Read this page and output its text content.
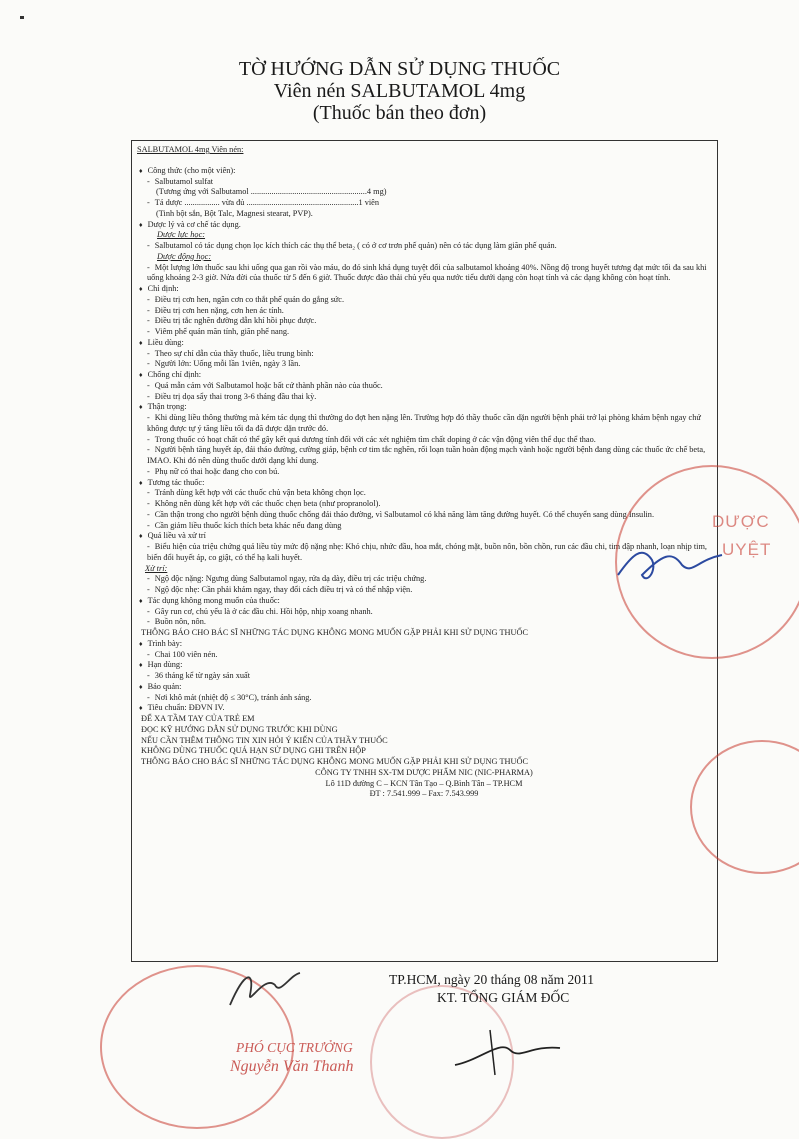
TỜ HƯỚNG DẪN SỬ DỤNG THUỐC
Viên nén SALBUTAMOL 4mg
(Thuốc bán theo đơn)
SALBUTAMOL 4mg Viên nén:
♦ Công thức (cho một viên):
- Salbutamol sulfat
(Tương ứng với Salbutamol ........................................................4 mg)
- Tá dược ................. vừa đủ ......................................................1 viên
(Tinh bột sắn, Bột Talc, Magnesi stearat, PVP).
♦ Dược lý và cơ chế tác dụng.
Dược lực học:
- Salbutamol có tác dụng chọn lọc kích thích các thụ thể beta₂ ( có ở cơ trơn phế quản) nên có tác dụng làm giãn phế quản.
Dược động học:
- Một lượng lớn thuốc sau khi uống qua gan rồi vào máu, do đó sinh khả dụng tuyệt đối của salbutamol khoảng 40%. Nồng độ trong huyết tương đạt mức tối đa sau khi uống khoảng 2-3 giờ. Nửa đời của thuốc từ 5 đến 6 giờ. Thuốc được đào thải chủ yếu qua nước tiểu dưới dạng còn hoạt tính và các dạng không còn hoạt tính.
♦ Chỉ định:
- Điều trị cơn hen, ngăn cơn co thắt phế quản do gắng sức.
- Điều trị cơn hen nặng, cơn hen ác tính.
- Điều trị tắc nghẽn đường dẫn khí hồi phục được.
- Viêm phế quản mãn tính, giãn phế nang.
♦ Liều dùng:
- Theo sự chỉ dẫn của thầy thuốc, liều trung bình:
- Người lớn: Uống mỗi lần 1viên, ngày 3 lần.
♦ Chống chỉ định:
- Quá mẫn cảm với Salbutamol hoặc bất cứ thành phần nào của thuốc.
- Điều trị dọa sẩy thai trong 3-6 tháng đầu thai kỳ.
♦ Thận trọng:
- Khi dùng liều thông thường mà kém tác dụng thì thường do đợt hen nặng lên. Trường hợp đó thầy thuốc cần dặn người bệnh phải trở lại phòng khám bệnh ngay chứ không được tự ý tăng liều tối đa đã được dặn trước đó.
- Trong thuốc có hoạt chất có thể gây kết quả dương tính đối với các xét nghiệm tìm chất doping ở các vận động viên thể dục thể thao.
- Người bệnh tăng huyết áp, đái tháo đường, cường giáp, bệnh cơ tim tắc nghẽn, rối loạn tuần hoàn động mạch vành hoặc người bệnh đang dùng các thuốc ức chế beta, IMAO. Khi đó nên dùng thuốc dưới dạng khí dung.
- Phụ nữ có thai hoặc đang cho con bú.
♦ Tương tác thuốc:
- Tránh dùng kết hợp với các thuốc chủ vận beta không chọn lọc.
- Không nên dùng kết hợp với các thuốc chẹn beta (như propranolol).
- Cần thận trong cho người bệnh dùng thuốc chống đái tháo đường, vì Salbutamol có khả năng làm tăng đường huyết. Có thể chuyển sang dùng Insulin.
- Cần giảm liều thuốc kích thích beta khác nếu đang dùng
♦ Quá liều và xử trí
- Biểu hiện của triệu chứng quá liều tùy mức độ nặng nhẹ: Khó chịu, nhức đầu, hoa mắt, chóng mặt, buồn nôn, bồn chồn, run các đầu chi, tim đập nhanh, loạn nhịp tim, biến đổi huyết áp, co giật, có thể hạ kali huyết.
Xử trí:
- Ngộ độc nặng: Ngưng dùng Salbutamol ngay, rửa dạ dày, điều trị các triệu chứng.
- Ngộ độc nhẹ: Cần phải khám ngay, thay đổi cách điều trị và có thể nhập viện.
♦ Tác dụng không mong muốn của thuốc:
- Gây run cơ, chủ yếu là ở các đầu chi. Hồi hộp, nhịp xoang nhanh.
- Buồn nôn, nôn.
THÔNG BÁO CHO BÁC SĨ NHỮNG TÁC DỤNG KHÔNG MONG MUỐN GẶP PHẢI KHI SỬ DỤNG THUỐC
♦ Trình bày:
- Chai 100 viên nén.
♦ Hạn dùng:
- 36 tháng kể từ ngày sản xuất
♦ Bảo quản:
- Nơi khô mát (nhiệt độ ≤ 30°C), tránh ánh sáng.
♦ Tiêu chuẩn: ĐĐVN IV.
ĐỂ XA TẦM TAY CỦA TRẺ EM
ĐỌC KỸ HƯỚNG DẪN SỬ DỤNG TRƯỚC KHI DÙNG
NẾU CẦN THÊM THÔNG TIN XIN HỎI Ý KIẾN CỦA THẦY THUỐC
KHÔNG DÙNG THUỐC QUÁ HẠN SỬ DỤNG GHI TRÊN HỘP
THÔNG BÁO CHO BÁC SĨ NHỮNG TÁC DỤNG KHÔNG MONG MUỐN GẶP PHẢI KHI SỬ DỤNG THUỐC
CÔNG TY TNHH SX-TM DƯỢC PHẨM NIC (NIC-PHARMA)
Lô 11D đường C – KCN Tân Tạo – Q.Bình Tân – TP.HCM
ĐT : 7.541.999 – Fax: 7.543.999
DƯỢC
UYỆT
TP.HCM, ngày 20 tháng 08 năm 2011
KT. TỔNG GIÁM ĐỐC
PHÓ CỤC TRƯỞNG
Nguyễn Văn Thanh
